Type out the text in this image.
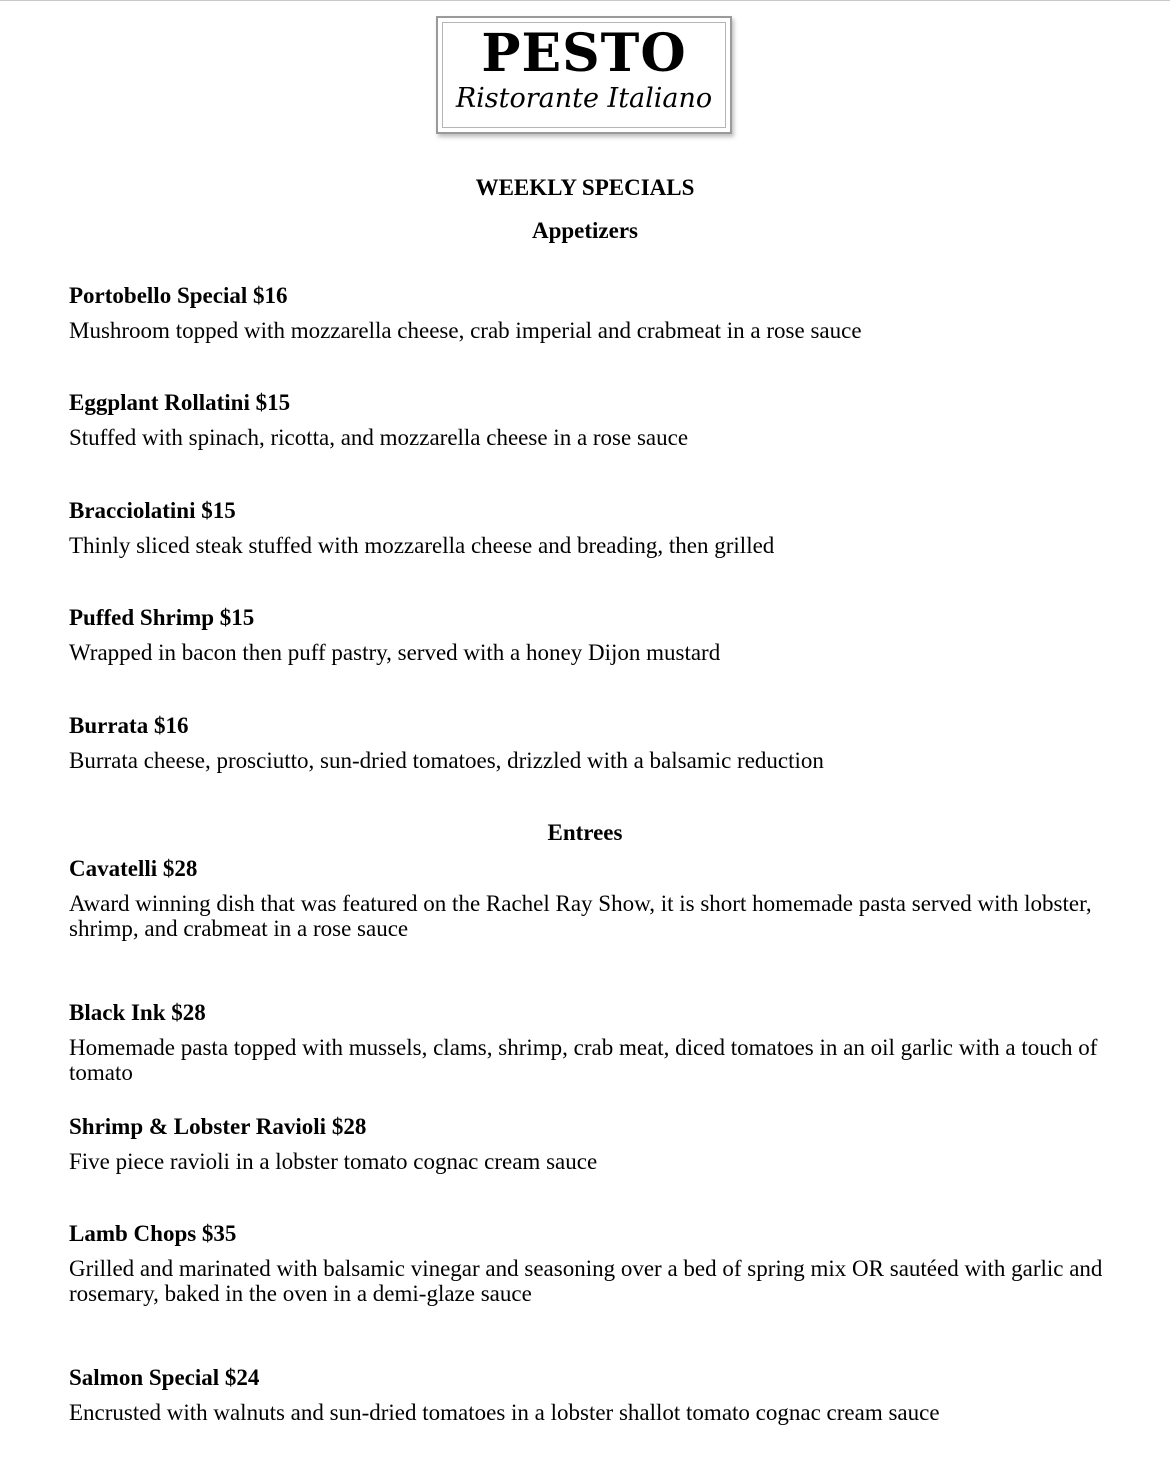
PESTO
Ristorante Italiano
WEEKLY SPECIALS
Appetizers
Portobello Special $16
Mushroom topped with mozzarella cheese, crab imperial and crabmeat in a rose sauce
Eggplant Rollatini $15
Stuffed with spinach, ricotta, and mozzarella cheese in a rose sauce
Bracciolatini $15
Thinly sliced steak stuffed with mozzarella cheese and breading, then grilled
Puffed Shrimp $15
Wrapped in bacon then puff pastry, served with a honey Dijon mustard
Burrata $16
Burrata cheese, prosciutto, sun-dried tomatoes, drizzled with a balsamic reduction
Entrees
Cavatelli $28
Award winning dish that was featured on the Rachel Ray Show, it is short homemade pasta served with lobster, shrimp, and crabmeat in a rose sauce
Black Ink $28
Homemade pasta topped with mussels, clams, shrimp, crab meat, diced tomatoes in an oil garlic with a touch of tomato
Shrimp & Lobster Ravioli $28
Five piece ravioli in a lobster tomato cognac cream sauce
Lamb Chops $35
Grilled and marinated with balsamic vinegar and seasoning over a bed of spring mix OR sautéed with garlic and rosemary, baked in the oven in a demi-glaze sauce
Salmon Special $24
Encrusted with walnuts and sun-dried tomatoes in a lobster shallot tomato cognac cream sauce
